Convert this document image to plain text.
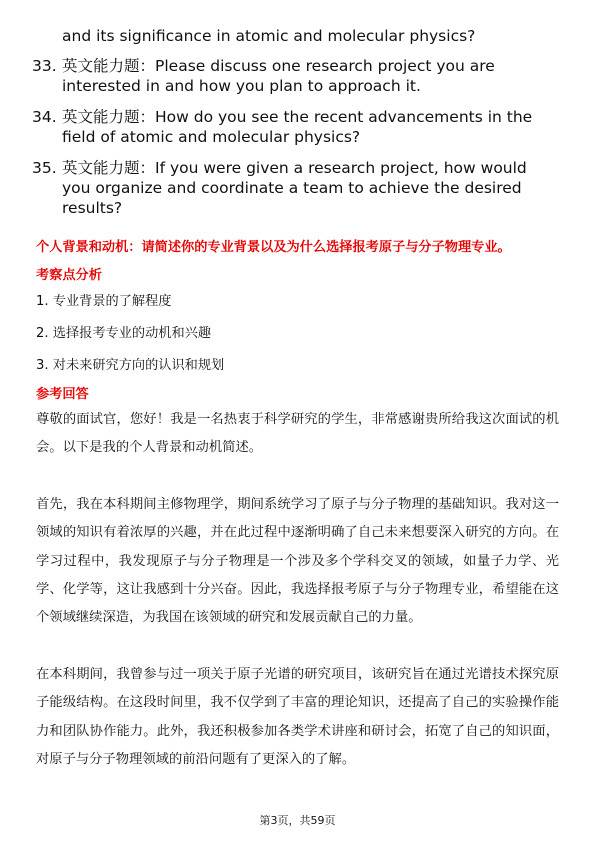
and its significance in atomic and molecular physics?
33. 英文能力题：Please discuss one research project you are interested in and how you plan to approach it.
34. 英文能力题：How do you see the recent advancements in the field of atomic and molecular physics?
35. 英文能力题：If you were given a research project, how would you organize and coordinate a team to achieve the desired results?
个人背景和动机：请简述你的专业背景以及为什么选择报考原子与分子物理专业。
考察点分析
1. 专业背景的了解程度
2. 选择报考专业的动机和兴趣
3. 对未来研究方向的认识和规划
参考回答

尊敬的面试官，您好！我是一名热衷于科学研究的学生，非常感谢贵所给我这次面试的机会。以下是我的个人背景和动机简述。

首先，我在本科期间主修物理学，期间系统学习了原子与分子物理的基础知识。我对这一领域的知识有着浓厚的兴趣，并在此过程中逐渐明确了自己未来想要深入研究的方向。在学习过程中，我发现原子与分子物理是一个涉及多个学科交叉的领域，如量子力学、光学、化学等，这让我感到十分兴奋。因此，我选择报考原子与分子物理专业，希望能在这个领域继续深造，为我国在该领域的研究和发展贡献自己的力量。

在本科期间，我曾参与过一项关于原子光谱的研究项目，该研究旨在通过光谱技术探究原子能级结构。在这段时间里，我不仅学到了丰富的理论知识，还提高了自己的实验操作能力和团队协作能力。此外，我还积极参加各类学术讲座和研讨会，拓宽了自己的知识面，对原子与分子物理领域的前沿问题有了更深入的了解。

第3页，共59页
